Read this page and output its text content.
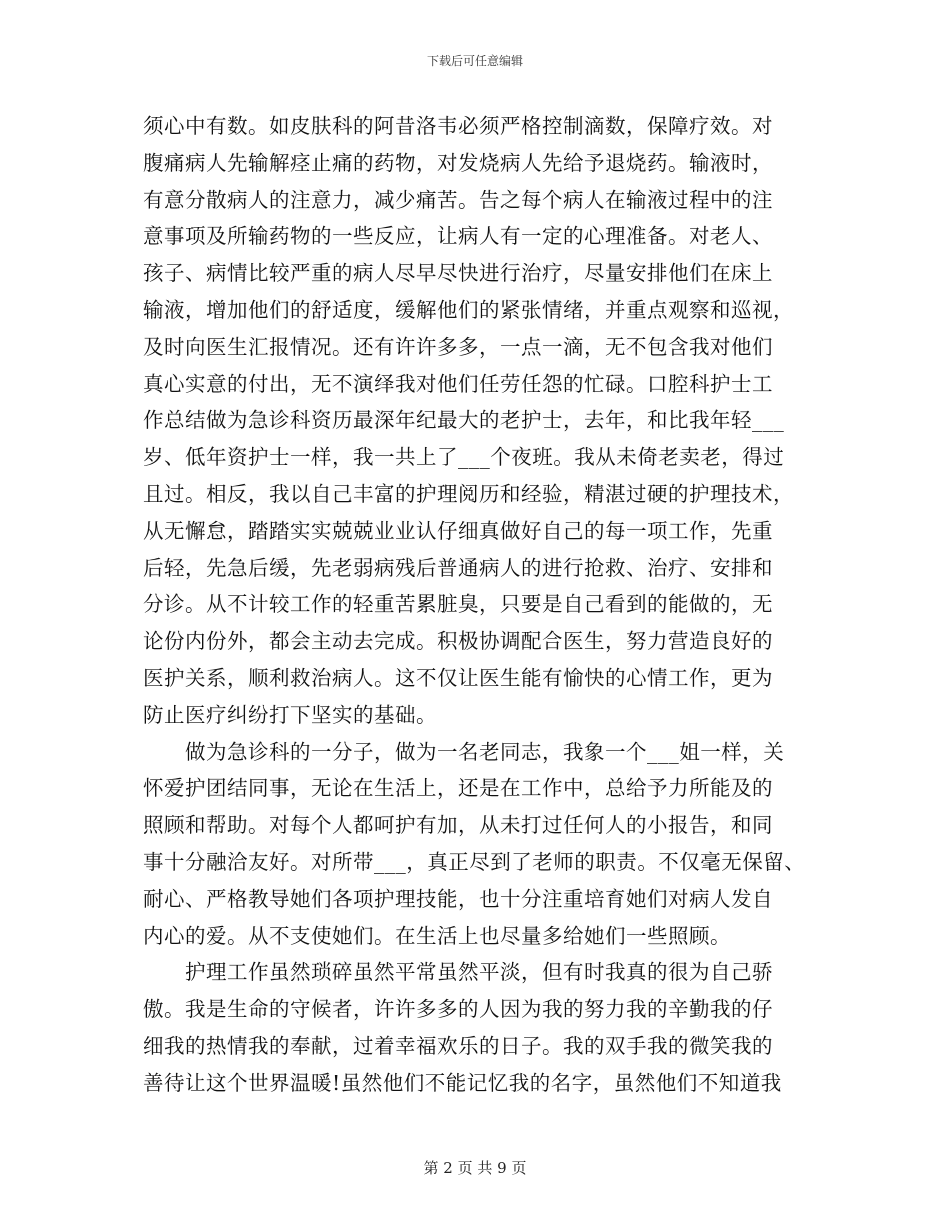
下载后可任意编辑
须心中有数。如皮肤科的阿昔洛韦必须严格控制滴数，保障疗效。对
腹痛病人先输解痉止痛的药物，对发烧病人先给予退烧药。输液时，
有意分散病人的注意力，减少痛苦。告之每个病人在输液过程中的注
意事项及所输药物的一些反应，让病人有一定的心理准备。对老人、
孩子、病情比较严重的病人尽早尽快进行治疗，尽量安排他们在床上
输液，增加他们的舒适度，缓解他们的紧张情绪，并重点观察和巡视，
及时向医生汇报情况。还有许许多多，一点一滴，无不包含我对他们
真心实意的付出，无不演绎我对他们任劳任怨的忙碌。口腔科护士工
作总结做为急诊科资历最深年纪最大的老护士，去年，和比我年轻___
岁、低年资护士一样，我一共上了___个夜班。我从未倚老卖老，得过
且过。相反，我以自己丰富的护理阅历和经验，精湛过硬的护理技术，
从无懈怠，踏踏实实兢兢业业认仔细真做好自己的每一项工作，先重
后轻，先急后缓，先老弱病残后普通病人的进行抢救、治疗、安排和
分诊。从不计较工作的轻重苦累脏臭，只要是自己看到的能做的，无
论份内份外，都会主动去完成。积极协调配合医生，努力营造良好的
医护关系，顺利救治病人。这不仅让医生能有愉快的心情工作，更为
防止医疗纠纷打下坚实的基础。
做为急诊科的一分子，做为一名老同志，我象一个___姐一样，关
怀爱护团结同事，无论在生活上，还是在工作中，总给予力所能及的
照顾和帮助。对每个人都呵护有加，从未打过任何人的小报告，和同
事十分融洽友好。对所带___，真正尽到了老师的职责。不仅毫无保留、
耐心、严格教导她们各项护理技能，也十分注重培育她们对病人发自
内心的爱。从不支使她们。在生活上也尽量多给她们一些照顾。
护理工作虽然琐碎虽然平常虽然平淡，但有时我真的很为自己骄
傲。我是生命的守候者，许许多多的人因为我的努力我的辛勤我的仔
细我的热情我的奉献，过着幸福欢乐的日子。我的双手我的微笑我的
善待让这个世界温暖!虽然他们不能记忆我的名字，虽然他们不知道我
第 2 页 共 9 页
